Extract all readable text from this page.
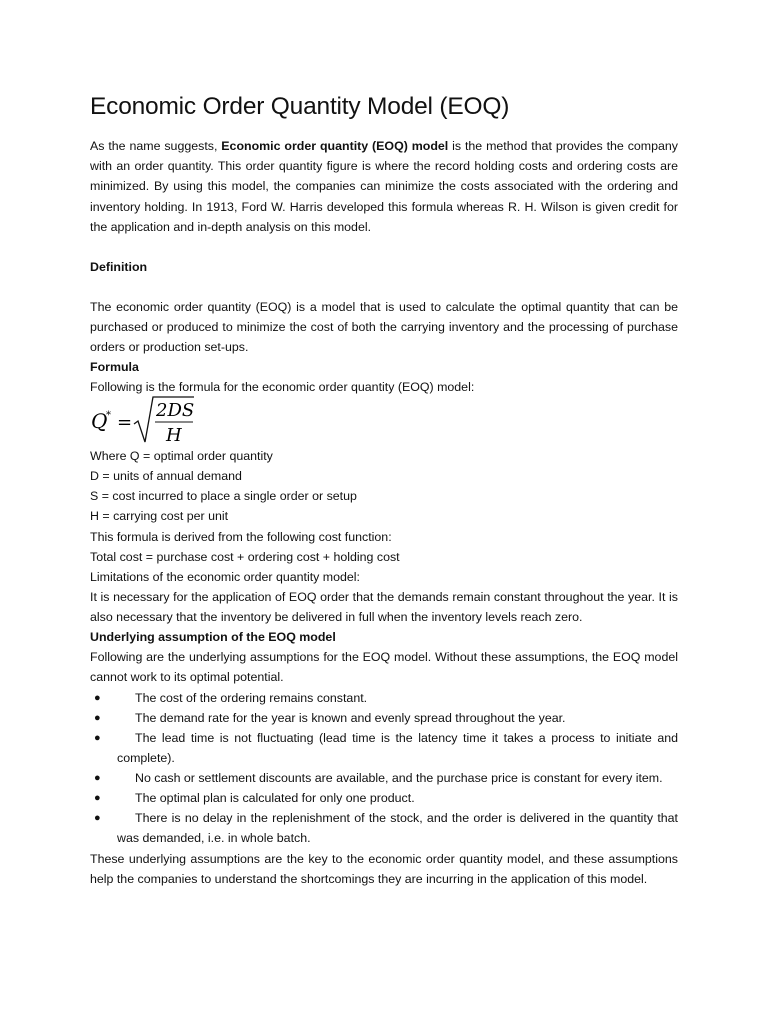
Economic Order Quantity Model (EOQ)

As the name suggests, Economic order quantity (EOQ) model is the method that provides the company with an order quantity. This order quantity figure is where the record holding costs and ordering costs are minimized. By using this model, the companies can minimize the costs associated with the ordering and inventory holding. In 1913, Ford W. Harris developed this formula whereas R. H. Wilson is given credit for the application and in-depth analysis on this model.

Definition

The economic order quantity (EOQ) is a model that is used to calculate the optimal quantity that can be purchased or produced to minimize the cost of both the carrying inventory and the processing of purchase orders or production set-ups.

Formula

Following is the formula for the economic order quantity (EOQ) model:

Q
* =
2DS
H

Where Q = optimal order quantity

D = units of annual demand

S = cost incurred to place a single order or setup

H = carrying cost per unit

This formula is derived from the following cost function:

Total cost = purchase cost + ordering cost + holding cost

Limitations of the economic order quantity model:

It is necessary for the application of EOQ order that the demands remain constant throughout the year. It is also necessary that the inventory be delivered in full when the inventory levels reach zero.

Underlying assumption of the EOQ model

Following are the underlying assumptions for the EOQ model. Without these assumptions, the EOQ model cannot work to its optimal potential.

●	The cost of the ordering remains constant.
●	The demand rate for the year is known and evenly spread throughout the year.
●	The lead time is not fluctuating (lead time is the latency time it takes a process to initiate and complete).
●	No cash or settlement discounts are available, and the purchase price is constant for every item.
●	The optimal plan is calculated for only one product.
●	There is no delay in the replenishment of the stock, and the order is delivered in the quantity that was demanded, i.e. in whole batch.

These underlying assumptions are the key to the economic order quantity model, and these assumptions help the companies to understand the shortcomings they are incurring in the application of this model.
